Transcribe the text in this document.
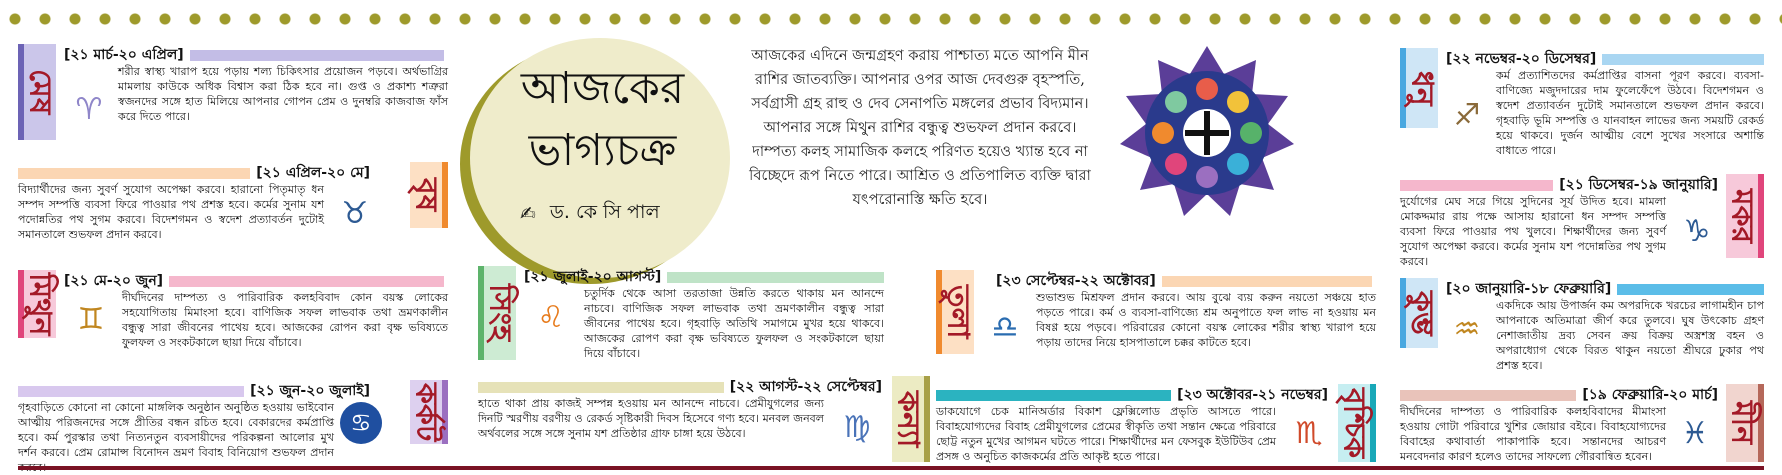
মেষ
[২১ মার্চ-২০ এপ্রিল]
♈
শরীর স্বাস্থ্য খারাপ হয়ে পড়ায় শল্য চিকিৎসার প্রয়োজন পড়বে। অর্থভাগ্রির মামলায় কাউকে অধিক বিশ্বাস করা ঠিক হবে না। গুপ্ত ও প্রকাশ্য শত্রুরা স্বজনদের সঙ্গে হাত মিলিয়ে আপনার গোপন প্রেম ও দুনম্বরি কাজবাজ ফাঁস করে দিতে পারে।
বৃষ
[২১ এপ্রিল-২০ মে]
♉
বিদ্যার্থীদের জন্য সুবর্ণ সুযোগ অপেক্ষা করবে। হারানো পিতৃমাতৃ ধন সম্পদ সম্পত্তি ব্যবসা ফিরে পাওয়ার পথ প্রশস্ত হবে। কর্মের সুনাম যশ পদোন্নতির পথ সুগম করবে। বিদেশগমন ও স্বদেশ প্রত্যাবর্তন দুটোই সমানতালে শুভফল প্রদান করবে।
মিথুন [২১ মে-২০ জুন]
♊
দীর্ঘদিনের দাম্পত্য ও পারিবারিক কলহবিবাদ কোন বয়স্ক লোকের সহযোগিতায় মিমাংসা হবে। বাণিজিক সফল লাভবাক তথা ভ্রমণকালীন বন্ধুত্ব সারা জীবনের পাথেয় হবে। আজকের রোপন করা বৃক্ষ ভবিষ্যতে ফুলফল ও সংকটকালে ছায়া দিয়ে বাঁচাবে।
কর্কট
[২১ জুন-২০ জুলাই]
♋
গৃহবাড়িতে কোনো না কোনো মাঙ্গলিক অনুষ্ঠান অনুষ্ঠিত হওয়ায় ভাইবোন আত্মীয় পরিজনদের সঙ্গে প্রীতির বন্ধন রচিত হবে। বেকারদের কর্মপ্রাপ্তি হবে। কর্ম পুরস্কার তথা নিত্যনতুন ব্যবসায়ীদের পরিকল্পনা আলোর মুখ দর্শন করবে। প্রেম রোমান্স বিনোদন ভ্রমণ বিবাহ বিনিয়োগ শুভফল প্রদান
আজকের
ভাগ্যচক্র
✍ ড. কে সি পাল
আজকের এদিনে জন্মগ্রহণ করায় পাশ্চাত্য মতে আপনি মীন রাশির জাতব্যক্তি। আপনার ওপর আজ দেবগুরু বৃহস্পতি, সর্বগ্রাসী গ্রহ রাহু ও দেব সেনাপতি মঙ্গলের প্রভাব বিদ্যমান। আপনার সঙ্গে মিথুন রাশির বন্ধুত্ব শুভফল প্রদান করবে। দাম্পত্য কলহ সামাজিক কলহে পরিণত হয়েও খ্যান্ত হবে না বিচ্ছেদে রূপ নিতে পারে। আশ্রিত ও প্রতিপালিত ব্যক্তি দ্বারা যৎপরোনাস্তি ক্ষতি হবে।
সিংহ
[২১ জুলাই-২০ আগস্ট]
♌
চতুর্দিক থেকে আসা তরতাজা উন্নতি করতে থাকায় মন আনন্দে নাচবে। বাণিজিক সফল লাভবাক তথা ভ্রমণকালীন বন্ধুত্ব সারা জীবনের পাথেয় হবে। গৃহবাড়ি অতিথি সমাগমে মুখর হয়ে থাকবে। আজকের রোপণ করা বৃক্ষ ভবিষ্যতে ফুলফল ও সংকটকালে ছায়া দিয়ে বাঁচাবে।
কন্যা
[২২ আগস্ট-২২ সেপ্টেম্বর]
♍
হাতে থাকা প্রায় কাজই সম্পন্ন হওয়ায় মন আনন্দে নাচবে। প্রেমীযুগলের জন্য দিনটি স্মরণীয় বরণীয় ও রেকর্ড সৃষ্টিকারী দিবস হিসেবে গণ্য হবে। মনবল জনবল অর্থবলের সঙ্গে সঙ্গে সুনাম যশ প্রতিষ্ঠার গ্রাফ চাঙ্গা হয়ে উঠবে।
তুলা
[২৩ সেপ্টেম্বর-২২ অক্টোবর]
♎
শুভাশুভ মিশ্রফল প্রদান করবে। আয় বুঝে ব্যয় করুন নয়তো সঞ্চয়ে হাত পড়তে পারে। কর্ম ও ব্যবসা-বাণিজ্যে শ্রম অনুপাতে ফল লাভ না হওয়ায় মন বিষণ্ণ হয়ে পড়বে। পরিবারের কোনো বয়স্ক লোকের শরীর স্বাস্থ্য খারাপ হয়ে পড়ায় তাদের নিয়ে হাসপাতালে চক্কর কাটতে হবে।
বৃশ্চিক
[২৩ অক্টোবর-২১ নভেম্বর]
♏
ডাকযোগে চেক মানিঅর্ডার বিকাশ ফ্লেক্সিলোড প্রভৃতি আসতে পারে। বিবাহযোগ্যদের বিবাহ প্রেমীযুগলের প্রেমের স্বীকৃতি তথা সন্তান ক্ষেত্রে পরিবারে ছোট্ট নতুন মুখের আগমন ঘটতে পারে। শিক্ষার্থীদের মন ফেসবুক ইউটিউব প্রেম প্রসঙ্গ ও অনুচিত কাজকর্মের প্রতি আকৃষ্ট হতে পারে।
ধনু
[২২ নভেম্বর-২০ ডিসেম্বর]
♐
কর্ম প্রত্যাশিতদের কর্মপ্রাপ্তির বাসনা পূরণ করবে। ব্যবসা-বাণিজ্যে মজুদদারের দাম ফুলেফেঁপে উঠবে। বিদেশগমন ও স্বদেশ প্রত্যাবর্তন দুটোই সমানতালে শুভফল প্রদান করবে। গৃহবাড়ি ভূমি সম্পত্তি ও যানবাহন লাভের জন্য সময়টি রেকর্ড হয়ে থাকবে। দুর্জন আত্মীয় বেশে সুখের সংসারে অশান্তি বাধাতে পারে।
মকর
[২১ ডিসেম্বর-১৯ জানুয়ারি]
♑
দুর্যোগের মেঘ সরে গিয়ে সুদিনের সূর্য উদিত হবে। মামলা মোকদ্দমার রায় পক্ষে আসায় হারানো ধন সম্পদ সম্পত্তি ব্যবসা ফিরে পাওয়ার পথ খুলবে। শিক্ষার্থীদের জন্য সুবর্ণ সুযোগ অপেক্ষা করবে। কর্মের সুনাম যশ পদোন্নতির পথ সুগম করবে।
কুম্ভ
[২০ জানুয়ারি-১৮ ফেব্রুয়ারি]
♒
একদিকে আয় উপার্জন কম অপরদিকে খরচের লাগামহীন চাপ আপনাকে অতিমাত্রা জীর্ণ করে তুলবে। ঘুষ উৎকোচ গ্রহণ নেশাজাতীয় দ্রব্য সেবন ক্রয় বিক্রয় অস্ত্রশস্ত্র বহন ও অপরাধ্যোগ থেকে বিরত থাকুন নয়তো শ্রীঘরে ঢুকার পথ প্রশস্ত হবে।
মীন
[১৯ ফেব্রুয়ারি-২০ মার্চ]
♓
দীর্ঘদিনের দাম্পত্য ও পারিবারিক কলহবিবাদের মীমাংসা হওয়ায় গোটা পরিবারে খুশির জোয়ার বইবে। বিবাহযোগ্যদের বিবাহের কথাবার্তা পাকাপাকি হবে। সন্তানদের আচরণ মনবেদনার কারণ হলেও তাদের সাফল্যে গৌরবান্বিত হবেন।
